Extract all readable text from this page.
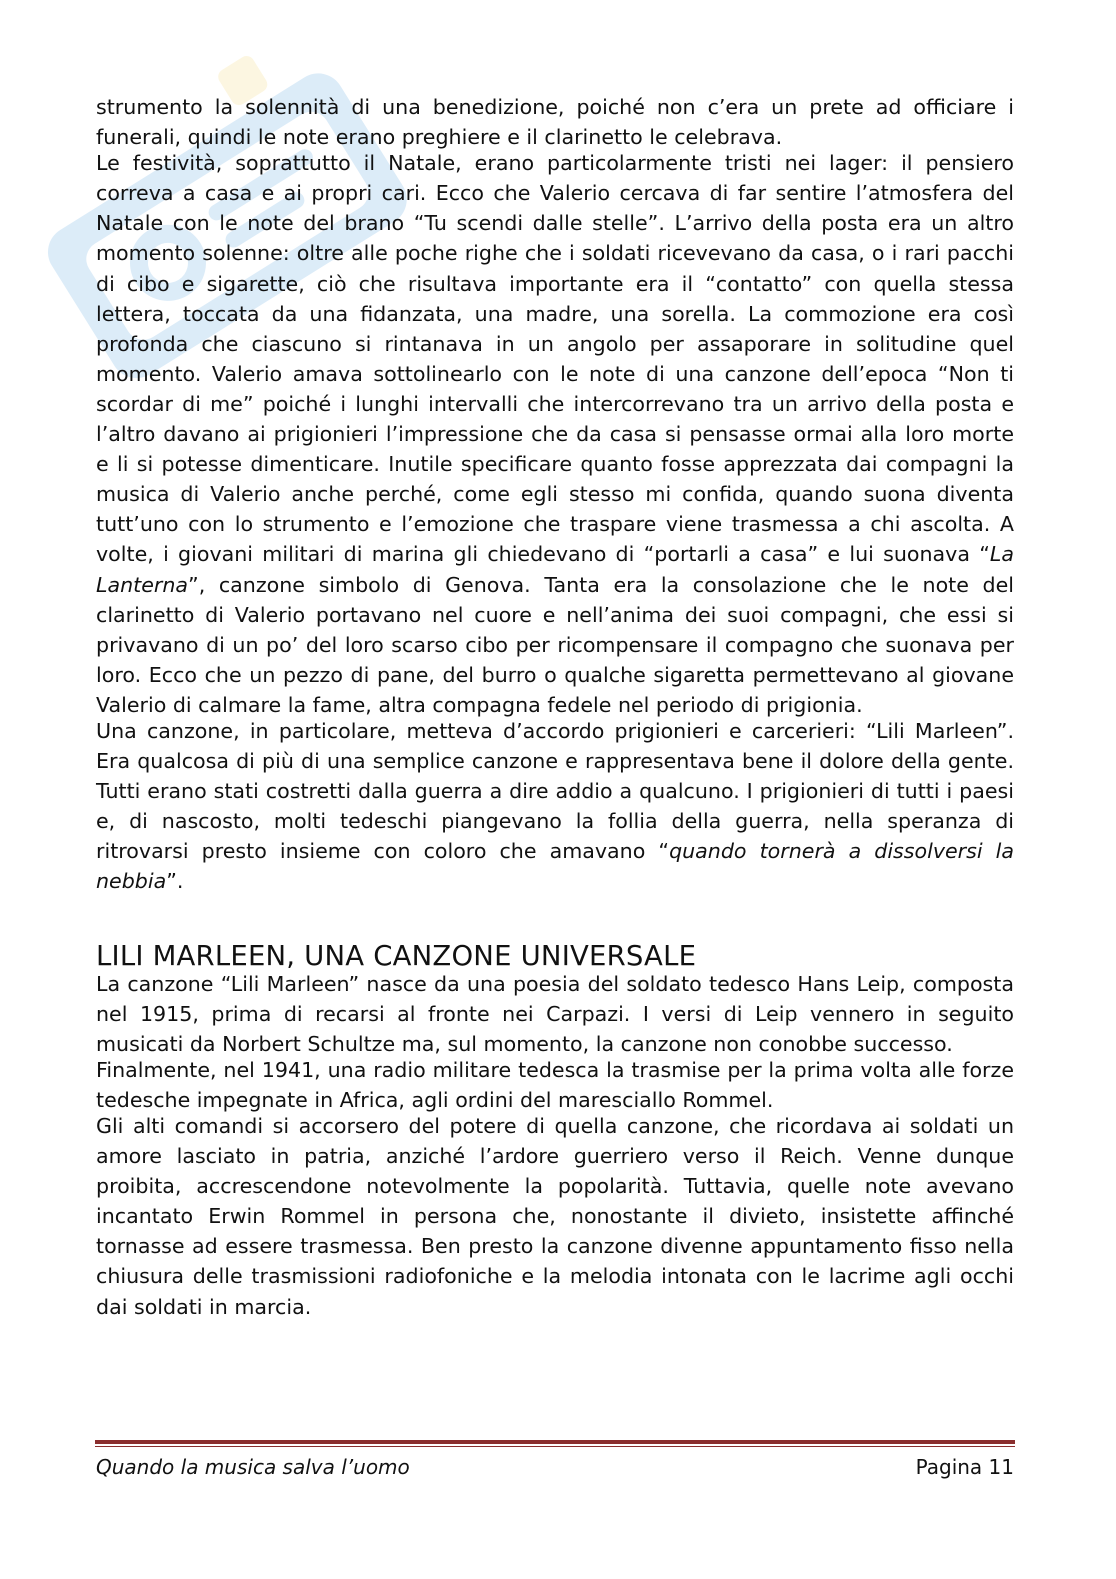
strumento la solennità di una benedizione, poiché non c’era un prete ad officiare i funerali, quindi le note erano preghiere e il clarinetto le celebrava.

Le festività, soprattutto il Natale, erano particolarmente tristi nei lager: il pensiero correva a casa e ai propri cari. Ecco che Valerio cercava di far sentire l’atmosfera del Natale con le note del brano “Tu scendi dalle stelle”. L’arrivo della posta era un altro momento solenne: oltre alle poche righe che i soldati ricevevano da casa, o i rari pacchi di cibo e sigarette, ciò che risultava importante era il “contatto” con quella stessa lettera, toccata da una fidanzata, una madre, una sorella. La commozione era così profonda che ciascuno si rintanava in un angolo per assaporare in solitudine quel momento. Valerio amava sottolinearlo con le note di una canzone dell’epoca “Non ti scordar di me” poiché i lunghi intervalli che intercorrevano tra un arrivo della posta e l’altro davano ai prigionieri l’impressione che da casa si pensasse ormai alla loro morte e li si potesse dimenticare. Inutile specificare quanto fosse apprezzata dai compagni la musica di Valerio anche perché, come egli stesso mi confida, quando suona diventa tutt’uno con lo strumento e l’emozione che traspare viene trasmessa a chi ascolta. A volte, i giovani militari di marina gli chiedevano di “portarli a casa” e lui suonava “La Lanterna”, canzone simbolo di Genova. Tanta era la consolazione che le note del clarinetto di Valerio portavano nel cuore e nell’anima dei suoi compagni, che essi si privavano di un po’ del loro scarso cibo per ricompensare il compagno che suonava per loro. Ecco che un pezzo di pane, del burro o qualche sigaretta permettevano al giovane Valerio di calmare la fame, altra compagna fedele nel periodo di prigionia.

Una canzone, in particolare, metteva d’accordo prigionieri e carcerieri: “Lili Marleen”. Era qualcosa di più di una semplice canzone e rappresentava bene il dolore della gente. Tutti erano stati costretti dalla guerra a dire addio a qualcuno. I prigionieri di tutti i paesi e, di nascosto, molti tedeschi piangevano la follia della guerra, nella speranza di ritrovarsi presto insieme con coloro che amavano “quando tornerà a dissolversi la nebbia”.

LILI MARLEEN, UNA CANZONE UNIVERSALE

La canzone “Lili Marleen” nasce da una poesia del soldato tedesco Hans Leip, composta nel 1915, prima di recarsi al fronte nei Carpazi. I versi di Leip vennero in seguito musicati da Norbert Schultze ma, sul momento, la canzone non conobbe successo.

Finalmente, nel 1941, una radio militare tedesca la trasmise per la prima volta alle forze tedesche impegnate in Africa, agli ordini del maresciallo Rommel.

Gli alti comandi si accorsero del potere di quella canzone, che ricordava ai soldati un amore lasciato in patria, anziché l’ardore guerriero verso il Reich. Venne dunque proibita, accrescendone notevolmente la popolarità. Tuttavia, quelle note avevano incantato Erwin Rommel in persona che, nonostante il divieto, insistette affinché tornasse ad essere trasmessa. Ben presto la canzone divenne appuntamento fisso nella chiusura delle trasmissioni radiofoniche e la melodia intonata con le lacrime agli occhi dai soldati in marcia.

Quando la musica salva l’uomo	Pagina 11
